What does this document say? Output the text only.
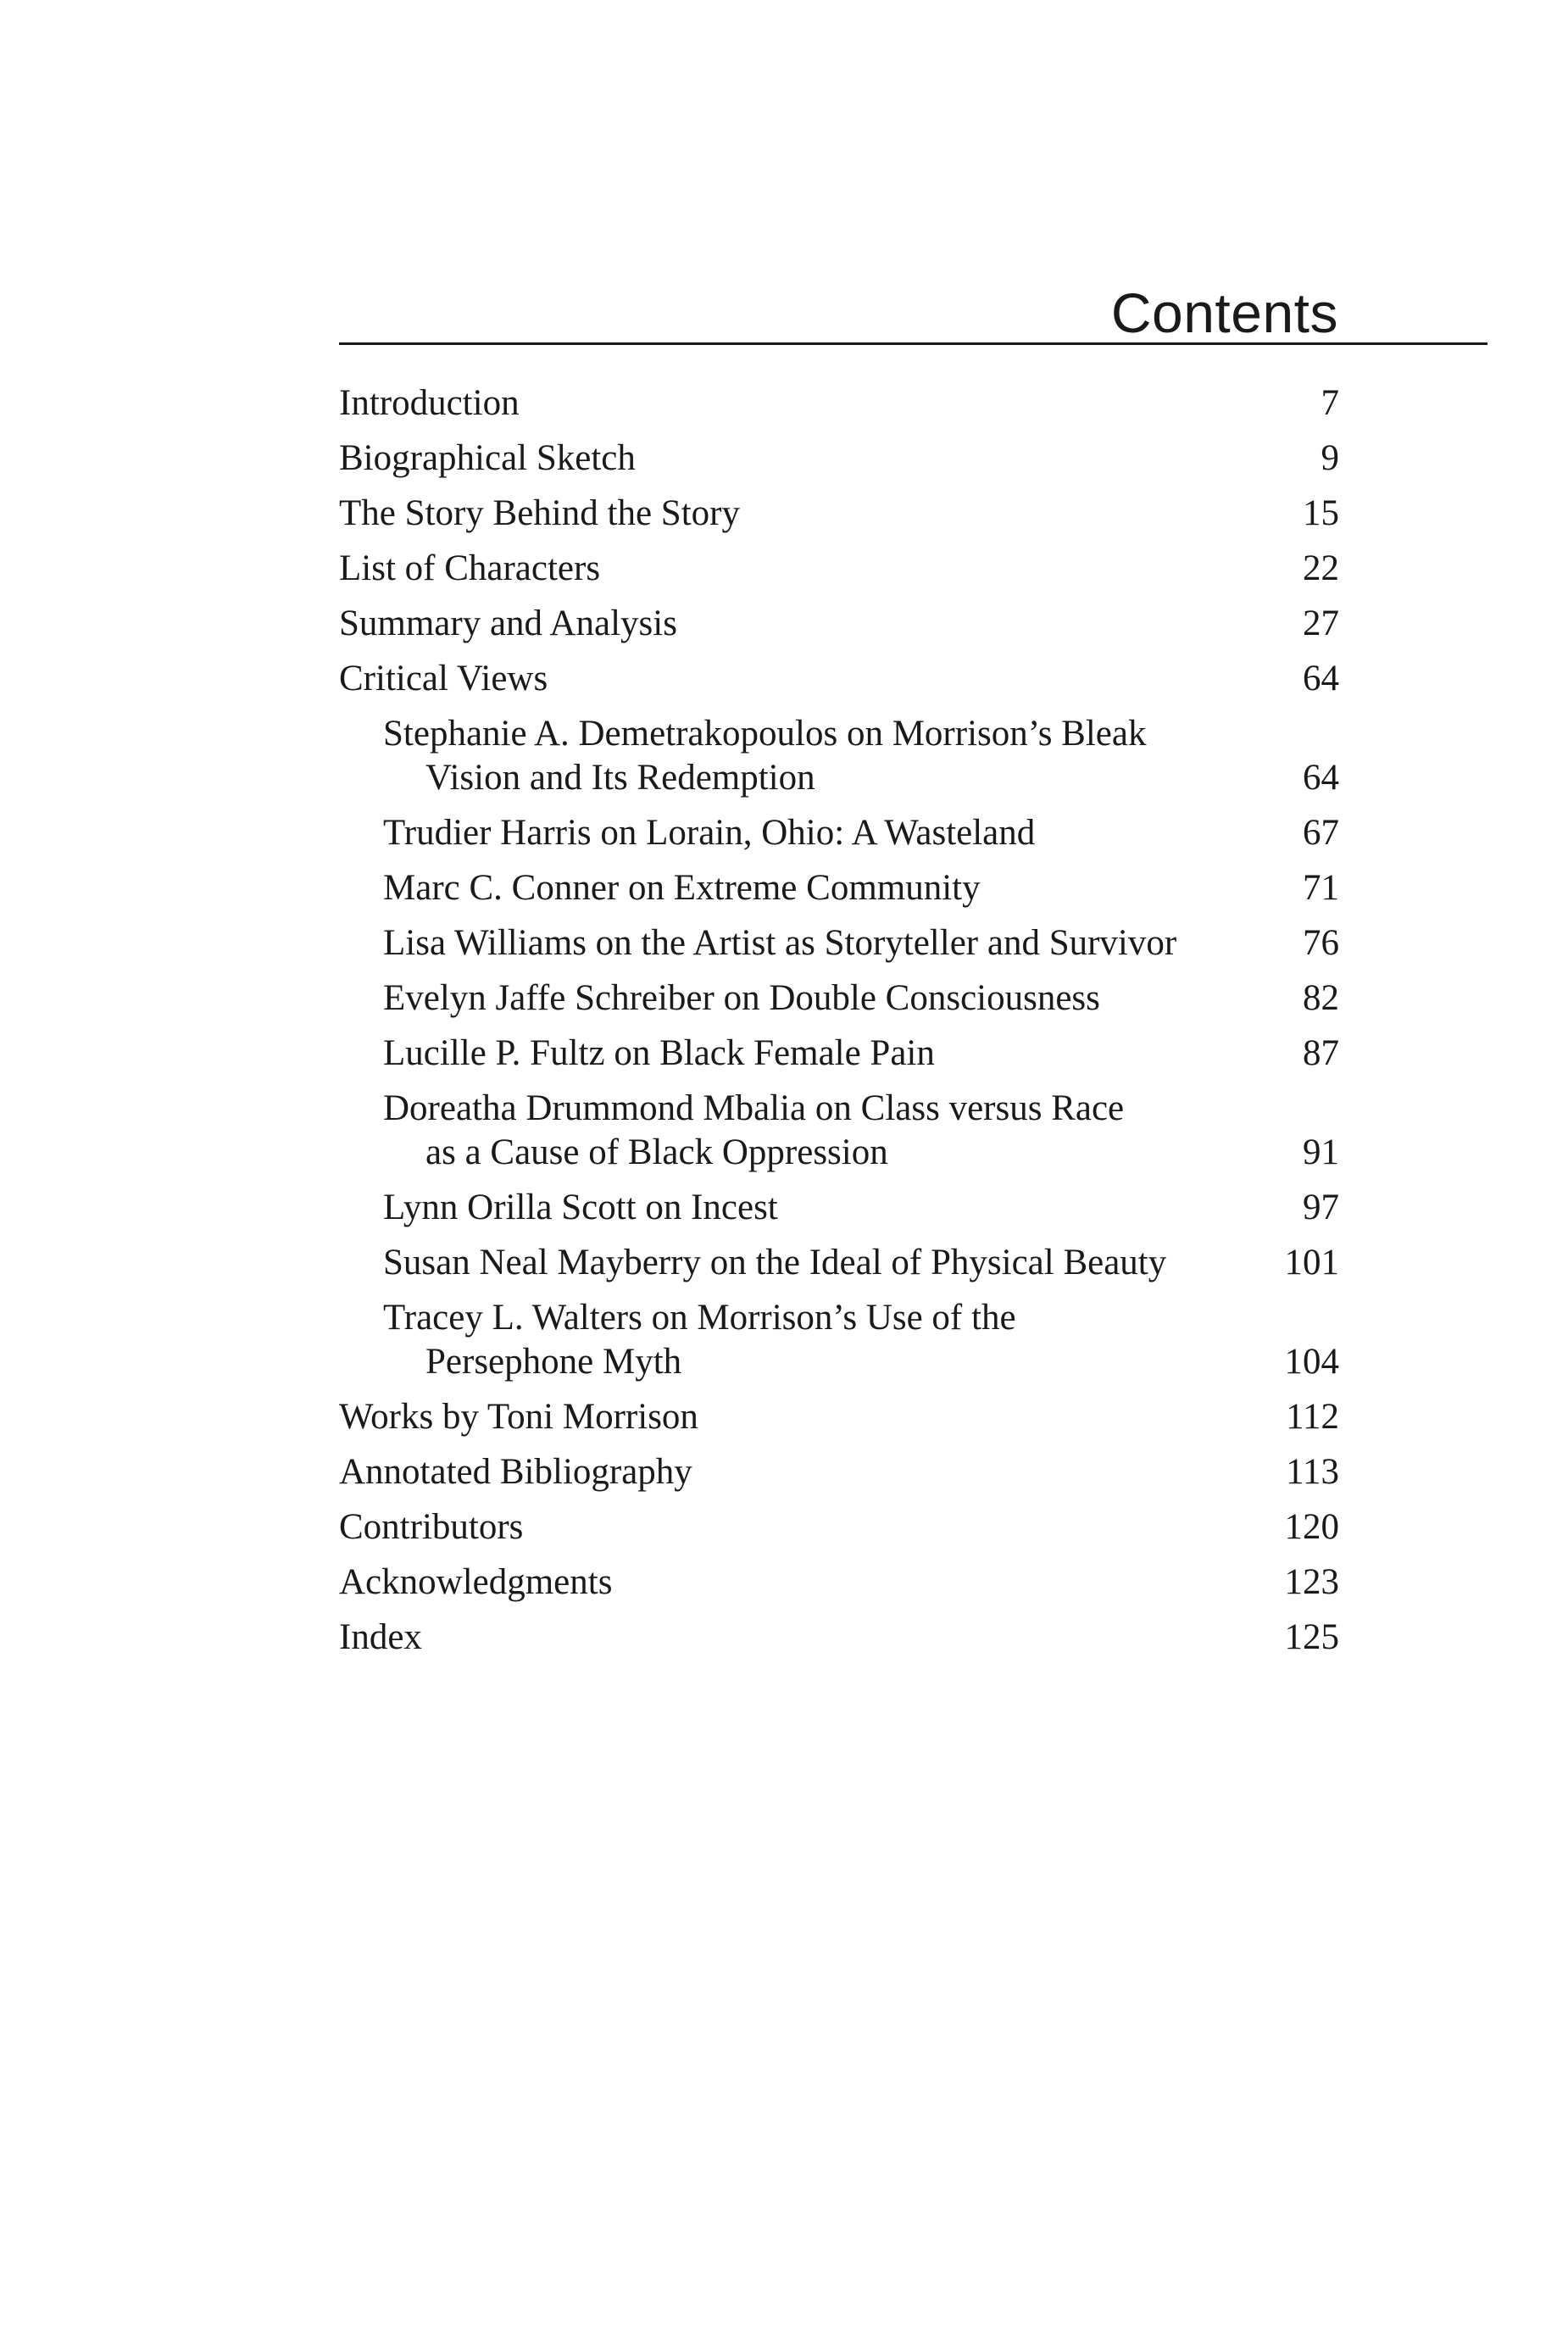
Contents
Introduction	7
Biographical Sketch	9
The Story Behind the Story	15
List of Characters	22
Summary and Analysis	27
Critical Views	64
Stephanie A. Demetrakopoulos on Morrison’s Bleak
Vision and Its Redemption	64
Trudier Harris on Lorain, Ohio: A Wasteland	67
Marc C. Conner on Extreme Community	71
Lisa Williams on the Artist as Storyteller and Survivor	76
Evelyn Jaffe Schreiber on Double Consciousness	82
Lucille P. Fultz on Black Female Pain	87
Doreatha Drummond Mbalia on Class versus Race
as a Cause of Black Oppression	91
Lynn Orilla Scott on Incest	97
Susan Neal Mayberry on the Ideal of Physical Beauty	101
Tracey L. Walters on Morrison’s Use of the
Persephone Myth	104
Works by Toni Morrison	112
Annotated Bibliography	113
Contributors	120
Acknowledgments	123
Index	125
